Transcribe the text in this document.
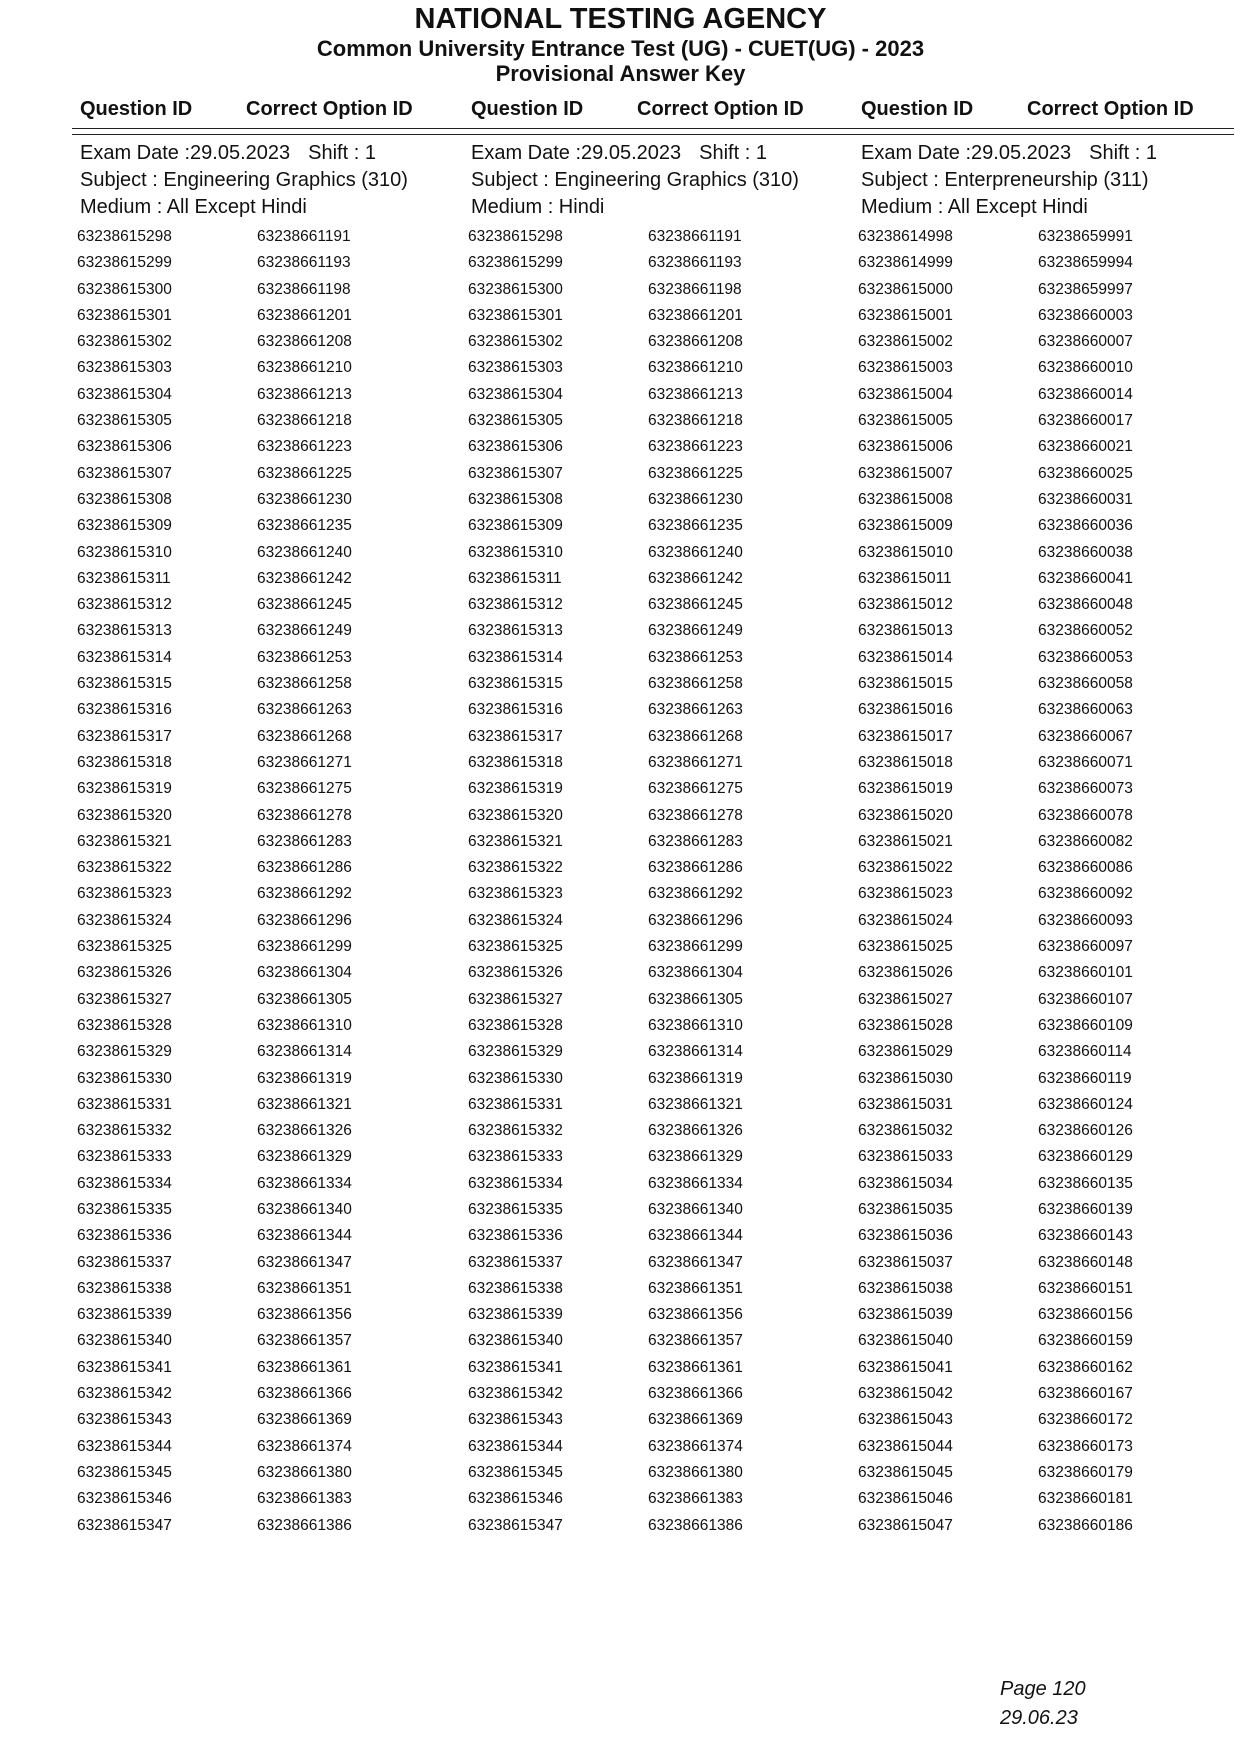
NATIONAL TESTING AGENCY
Common University Entrance Test (UG) - CUET(UG) - 2023
Provisional Answer Key
Question ID	Correct Option ID	Question ID	Correct Option ID	Question ID	Correct Option ID
Exam Date :29.05.2023 Shift : 1
Subject : Engineering Graphics (310)
Medium : All Except Hindi
Exam Date :29.05.2023 Shift : 1
Subject : Engineering Graphics (310)
Medium : Hindi
Exam Date :29.05.2023 Shift : 1
Subject : Enterpreneurship (311)
Medium : All Except Hindi
63238615298	63238661191
63238615299	63238661193
63238615300	63238661198
63238615301	63238661201
63238615302	63238661208
63238615303	63238661210
63238615304	63238661213
63238615305	63238661218
63238615306	63238661223
63238615307	63238661225
63238615308	63238661230
63238615309	63238661235
63238615310	63238661240
63238615311	63238661242
63238615312	63238661245
63238615313	63238661249
63238615314	63238661253
63238615315	63238661258
63238615316	63238661263
63238615317	63238661268
63238615318	63238661271
63238615319	63238661275
63238615320	63238661278
63238615321	63238661283
63238615322	63238661286
63238615323	63238661292
63238615324	63238661296
63238615325	63238661299
63238615326	63238661304
63238615327	63238661305
63238615328	63238661310
63238615329	63238661314
63238615330	63238661319
63238615331	63238661321
63238615332	63238661326
63238615333	63238661329
63238615334	63238661334
63238615335	63238661340
63238615336	63238661344
63238615337	63238661347
63238615338	63238661351
63238615339	63238661356
63238615340	63238661357
63238615341	63238661361
63238615342	63238661366
63238615343	63238661369
63238615344	63238661374
63238615345	63238661380
63238615346	63238661383
63238615347	63238661386
63238615298	63238661191
63238615299	63238661193
63238615300	63238661198
63238615301	63238661201
63238615302	63238661208
63238615303	63238661210
63238615304	63238661213
63238615305	63238661218
63238615306	63238661223
63238615307	63238661225
63238615308	63238661230
63238615309	63238661235
63238615310	63238661240
63238615311	63238661242
63238615312	63238661245
63238615313	63238661249
63238615314	63238661253
63238615315	63238661258
63238615316	63238661263
63238615317	63238661268
63238615318	63238661271
63238615319	63238661275
63238615320	63238661278
63238615321	63238661283
63238615322	63238661286
63238615323	63238661292
63238615324	63238661296
63238615325	63238661299
63238615326	63238661304
63238615327	63238661305
63238615328	63238661310
63238615329	63238661314
63238615330	63238661319
63238615331	63238661321
63238615332	63238661326
63238615333	63238661329
63238615334	63238661334
63238615335	63238661340
63238615336	63238661344
63238615337	63238661347
63238615338	63238661351
63238615339	63238661356
63238615340	63238661357
63238615341	63238661361
63238615342	63238661366
63238615343	63238661369
63238615344	63238661374
63238615345	63238661380
63238615346	63238661383
63238615347	63238661386
63238614998	63238659991
63238614999	63238659994
63238615000	63238659997
63238615001	63238660003
63238615002	63238660007
63238615003	63238660010
63238615004	63238660014
63238615005	63238660017
63238615006	63238660021
63238615007	63238660025
63238615008	63238660031
63238615009	63238660036
63238615010	63238660038
63238615011	63238660041
63238615012	63238660048
63238615013	63238660052
63238615014	63238660053
63238615015	63238660058
63238615016	63238660063
63238615017	63238660067
63238615018	63238660071
63238615019	63238660073
63238615020	63238660078
63238615021	63238660082
63238615022	63238660086
63238615023	63238660092
63238615024	63238660093
63238615025	63238660097
63238615026	63238660101
63238615027	63238660107
63238615028	63238660109
63238615029	63238660114
63238615030	63238660119
63238615031	63238660124
63238615032	63238660126
63238615033	63238660129
63238615034	63238660135
63238615035	63238660139
63238615036	63238660143
63238615037	63238660148
63238615038	63238660151
63238615039	63238660156
63238615040	63238660159
63238615041	63238660162
63238615042	63238660167
63238615043	63238660172
63238615044	63238660173
63238615045	63238660179
63238615046	63238660181
63238615047	63238660186
Page 120
29.06.23
